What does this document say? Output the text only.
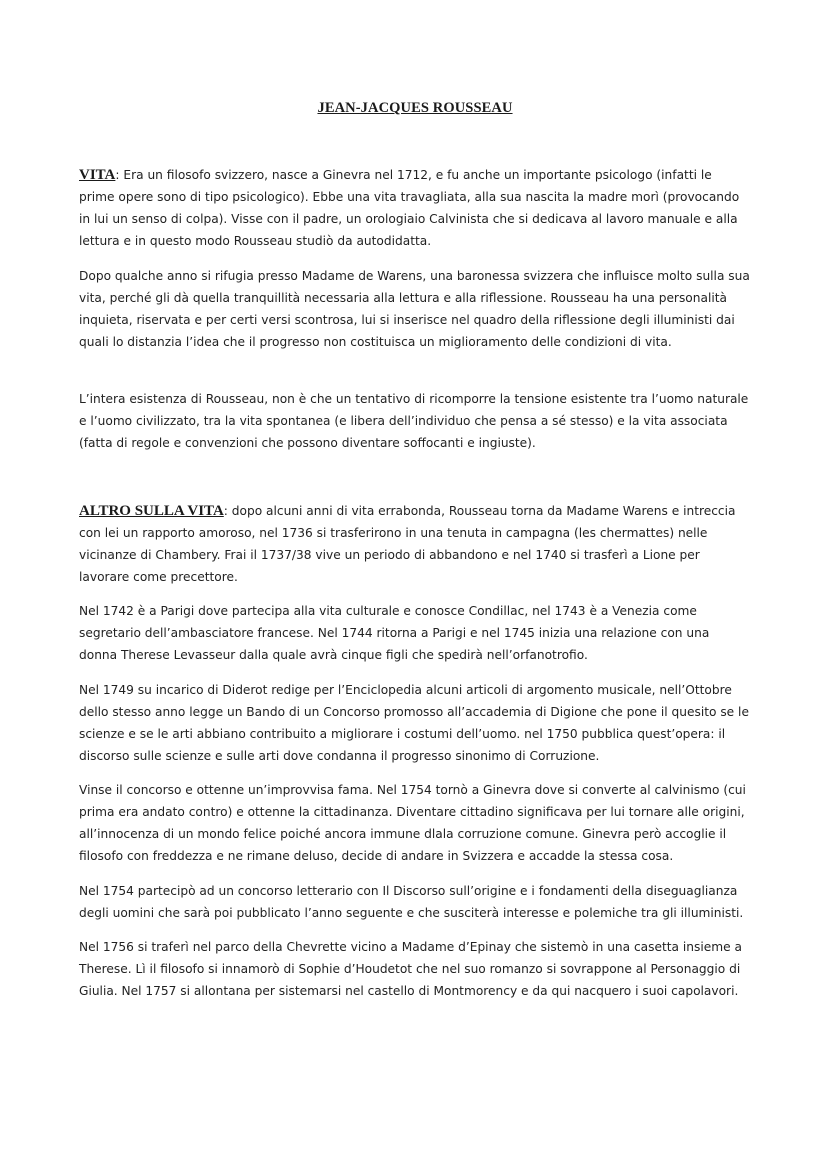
JEAN-JACQUES ROUSSEAU

VITA: Era un filosofo svizzero, nasce a Ginevra nel 1712, e fu anche un importante psicologo (infatti le prime opere sono di tipo psicologico). Ebbe una vita travagliata, alla sua nascita la madre morì (provocando in lui un senso di colpa). Visse con il padre, un orologiaio Calvinista che si dedicava al lavoro manuale e alla lettura e in questo modo Rousseau studiò da autodidatta.

Dopo qualche anno si rifugia presso Madame de Warens, una baronessa svizzera che influisce molto sulla sua vita, perché gli dà quella tranquillità necessaria alla lettura e alla riflessione. Rousseau ha una personalità inquieta, riservata e per certi versi scontrosa, lui si inserisce nel quadro della riflessione degli illuministi dai quali lo distanzia l’idea che il progresso non costituisca un miglioramento delle condizioni di vita.

L’intera esistenza di Rousseau, non è che un tentativo di ricomporre la tensione esistente tra l’uomo naturale e l’uomo civilizzato, tra la vita spontanea (e libera dell’individuo che pensa a sé stesso) e la vita associata (fatta di regole e convenzioni che possono diventare soffocanti e ingiuste).

ALTRO SULLA VITA: dopo alcuni anni di vita errabonda, Rousseau torna da Madame Warens e intreccia con lei un rapporto amoroso, nel 1736 si trasferirono in una tenuta in campagna (les chermattes) nelle vicinanze di Chambery. Frai il 1737/38 vive un periodo di abbandono e nel 1740 si trasferì a Lione per lavorare come precettore.

Nel 1742 è a Parigi dove partecipa alla vita culturale e conosce Condillac, nel 1743 è a Venezia come segretario dell’ambasciatore francese. Nel 1744 ritorna a Parigi e nel 1745 inizia una relazione con una donna Therese Levasseur dalla quale avrà cinque figli che spedirà nell’orfanotrofio.

Nel 1749 su incarico di Diderot redige per l’Enciclopedia alcuni articoli di argomento musicale, nell’Ottobre dello stesso anno legge un Bando di un Concorso promosso all’accademia di Digione che pone il quesito se le scienze e se le arti abbiano contribuito a migliorare i costumi dell’uomo. nel 1750 pubblica quest’opera: il discorso sulle scienze e sulle arti dove condanna il progresso sinonimo di Corruzione.

Vinse il concorso e ottenne un’improvvisa fama. Nel 1754 tornò a Ginevra dove si converte al calvinismo (cui prima era andato contro) e ottenne la cittadinanza. Diventare cittadino significava per lui tornare alle origini, all’innocenza di un mondo felice poiché ancora immune dlala corruzione comune. Ginevra però accoglie il filosofo con freddezza e ne rimane deluso, decide di andare in Svizzera e accadde la stessa cosa.

Nel 1754 partecipò ad un concorso letterario con Il Discorso sull’origine e i fondamenti della diseguaglianza degli uomini che sarà poi pubblicato l’anno seguente e che susciterà interesse e polemiche tra gli illuministi.

Nel 1756 si traferì nel parco della Chevrette vicino a Madame d’Epinay che sistemò in una casetta insieme a Therese. Lì il filosofo si innamorò di Sophie d’Houdetot che nel suo romanzo si sovrappone al Personaggio di Giulia. Nel 1757 si allontana per sistemarsi nel castello di Montmorency e da qui nacquero i suoi capolavori.
